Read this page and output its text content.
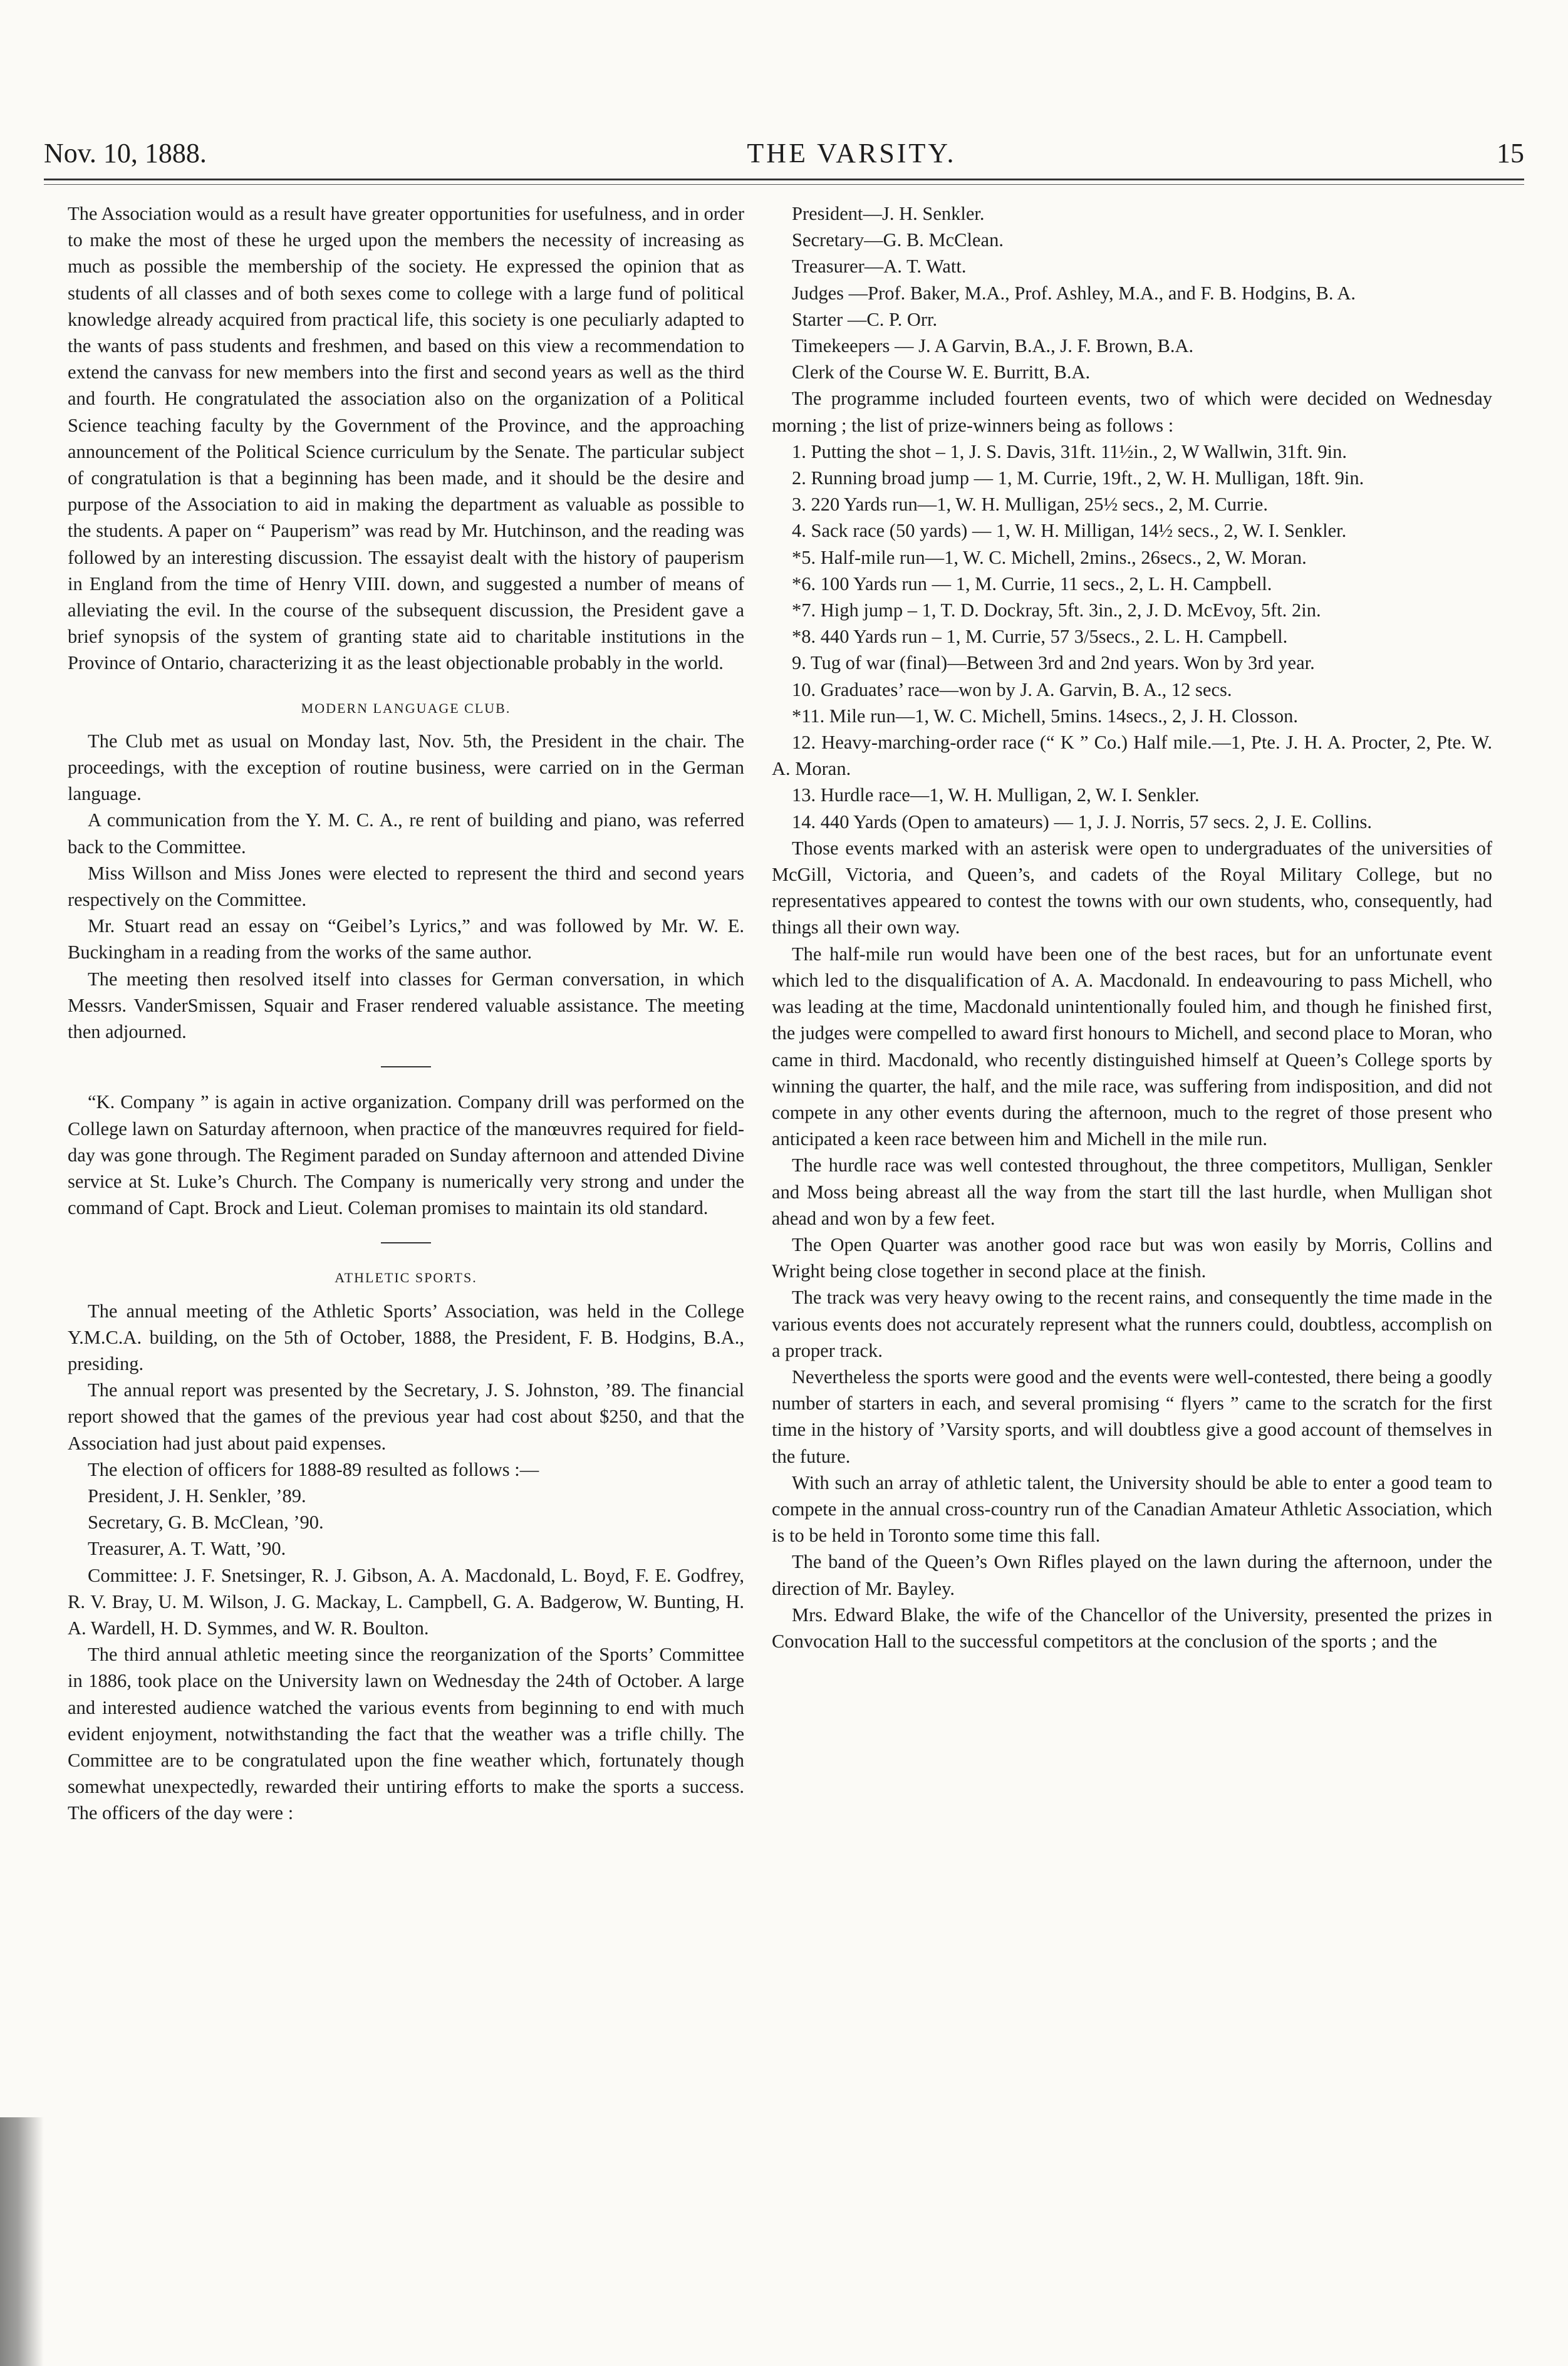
Nov. 10, 1888.	THE VARSITY.	15

The Association would as a result have greater opportunities for usefulness, and in order to make the most of these he urged upon the members the necessity of increasing as much as possible the membership of the society. He expressed the opinion that as students of all classes and of both sexes come to college with a large fund of political knowledge already acquired from practical life, this society is one peculiarly adapted to the wants of pass students and freshmen, and based on this view a recommendation to extend the canvass for new members into the first and second years as well as the third and fourth. He congratulated the association also on the organization of a Political Science teaching faculty by the Government of the Province, and the approaching announcement of the Political Science curriculum by the Senate. The particular subject of congratulation is that a beginning has been made, and it should be the desire and purpose of the Association to aid in making the department as valuable as possible to the students. A paper on “ Pauperism” was read by Mr. Hutchinson, and the reading was followed by an interesting discussion. The essayist dealt with the history of pauperism in England from the time of Henry VIII. down, and suggested a number of means of alleviating the evil. In the course of the subsequent discussion, the President gave a brief synopsis of the system of granting state aid to charitable institutions in the Province of Ontario, characterizing it as the least objectionable probably in the world.

MODERN LANGUAGE CLUB.

The Club met as usual on Monday last, Nov. 5th, the President in the chair. The proceedings, with the exception of routine business, were carried on in the German language.

A communication from the Y. M. C. A., re rent of building and piano, was referred back to the Committee.

Miss Willson and Miss Jones were elected to represent the third and second years respectively on the Committee.

Mr. Stuart read an essay on “Geibel’s Lyrics,” and was followed by Mr. W. E. Buckingham in a reading from the works of the same author.

The meeting then resolved itself into classes for German conversation, in which Messrs. VanderSmissen, Squair and Fraser rendered valuable assistance. The meeting then adjourned.

“K. Company ” is again in active organization. Company drill was performed on the College lawn on Saturday afternoon, when practice of the manœuvres required for field-day was gone through. The Regiment paraded on Sunday afternoon and attended Divine service at St. Luke’s Church. The Company is numerically very strong and under the command of Capt. Brock and Lieut. Coleman promises to maintain its old standard.

ATHLETIC SPORTS.

The annual meeting of the Athletic Sports’ Association, was held in the College Y.M.C.A. building, on the 5th of October, 1888, the President, F. B. Hodgins, B.A., presiding.

The annual report was presented by the Secretary, J. S. Johnston, ’89. The financial report showed that the games of the previous year had cost about $250, and that the Association had just about paid expenses.

The election of officers for 1888-89 resulted as follows :—

President, J. H. Senkler, ’89.

Secretary, G. B. McClean, ’90.

Treasurer, A. T. Watt, ’90.

Committee: J. F. Snetsinger, R. J. Gibson, A. A. Macdonald, L. Boyd, F. E. Godfrey, R. V. Bray, U. M. Wilson, J. G. Mackay, L. Campbell, G. A. Badgerow, W. Bunting, H. A. Wardell, H. D. Symmes, and W. R. Boulton.

The third annual athletic meeting since the reorganization of the Sports’ Committee in 1886, took place on the University lawn on Wednesday the 24th of October. A large and interested audience watched the various events from beginning to end with much evident enjoyment, notwithstanding the fact that the weather was a trifle chilly. The Committee are to be congratulated upon the fine weather which, fortunately though somewhat unexpectedly, rewarded their untiring efforts to make the sports a success. The officers of the day were :

President—J. H. Senkler.

Secretary—G. B. McClean.

Treasurer—A. T. Watt.

Judges —Prof. Baker, M.A., Prof. Ashley, M.A., and F. B. Hodgins, B. A.

Starter —C. P. Orr.

Timekeepers — J. A Garvin, B.A., J. F. Brown, B.A.

Clerk of the Course W. E. Burritt, B.A.

The programme included fourteen events, two of which were decided on Wednesday morning ; the list of prize-winners being as follows :

1. Putting the shot – 1, J. S. Davis, 31ft. 11½in., 2, W Wallwin, 31ft. 9in.

2. Running broad jump — 1, M. Currie, 19ft., 2, W. H. Mulligan, 18ft. 9in.

3. 220 Yards run—1, W. H. Mulligan, 25½ secs., 2, M. Currie.

4. Sack race (50 yards) — 1, W. H. Milligan, 14½ secs., 2, W. I. Senkler.

*5. Half-mile run—1, W. C. Michell, 2mins., 26secs., 2, W. Moran.

*6. 100 Yards run — 1, M. Currie, 11 secs., 2, L. H. Campbell.

*7. High jump – 1, T. D. Dockray, 5ft. 3in., 2, J. D. McEvoy, 5ft. 2in.

*8. 440 Yards run – 1, M. Currie, 57 3/5secs., 2. L. H. Campbell.

9. Tug of war (final)—Between 3rd and 2nd years. Won by 3rd year.

10. Graduates’ race—won by J. A. Garvin, B. A., 12 secs.

*11. Mile run—1, W. C. Michell, 5mins. 14secs., 2, J. H. Closson.

12. Heavy-marching-order race (“ K ” Co.) Half mile.—1, Pte. J. H. A. Procter, 2, Pte. W. A. Moran.

13. Hurdle race—1, W. H. Mulligan, 2, W. I. Senkler.

14. 440 Yards (Open to amateurs) — 1, J. J. Norris, 57 secs. 2, J. E. Collins.

Those events marked with an asterisk were open to undergraduates of the universities of McGill, Victoria, and Queen’s, and cadets of the Royal Military College, but no representatives appeared to contest the towns with our own students, who, consequently, had things all their own way.

The half-mile run would have been one of the best races, but for an unfortunate event which led to the disqualification of A. A. Macdonald. In endeavouring to pass Michell, who was leading at the time, Macdonald unintentionally fouled him, and though he finished first, the judges were compelled to award first honours to Michell, and second place to Moran, who came in third. Macdonald, who recently distinguished himself at Queen’s College sports by winning the quarter, the half, and the mile race, was suffering from indisposition, and did not compete in any other events during the afternoon, much to the regret of those present who anticipated a keen race between him and Michell in the mile run.

The hurdle race was well contested throughout, the three competitors, Mulligan, Senkler and Moss being abreast all the way from the start till the last hurdle, when Mulligan shot ahead and won by a few feet.

The Open Quarter was another good race but was won easily by Morris, Collins and Wright being close together in second place at the finish.

The track was very heavy owing to the recent rains, and consequently the time made in the various events does not accurately represent what the runners could, doubtless, accomplish on a proper track.

Nevertheless the sports were good and the events were well-contested, there being a goodly number of starters in each, and several promising “ flyers ” came to the scratch for the first time in the history of ’Varsity sports, and will doubtless give a good account of themselves in the future.

With such an array of athletic talent, the University should be able to enter a good team to compete in the annual cross-country run of the Canadian Amateur Athletic Association, which is to be held in Toronto some time this fall.

The band of the Queen’s Own Rifles played on the lawn during the afternoon, under the direction of Mr. Bayley.

Mrs. Edward Blake, the wife of the Chancellor of the University, presented the prizes in Convocation Hall to the successful competitors at the conclusion of the sports ; and the
